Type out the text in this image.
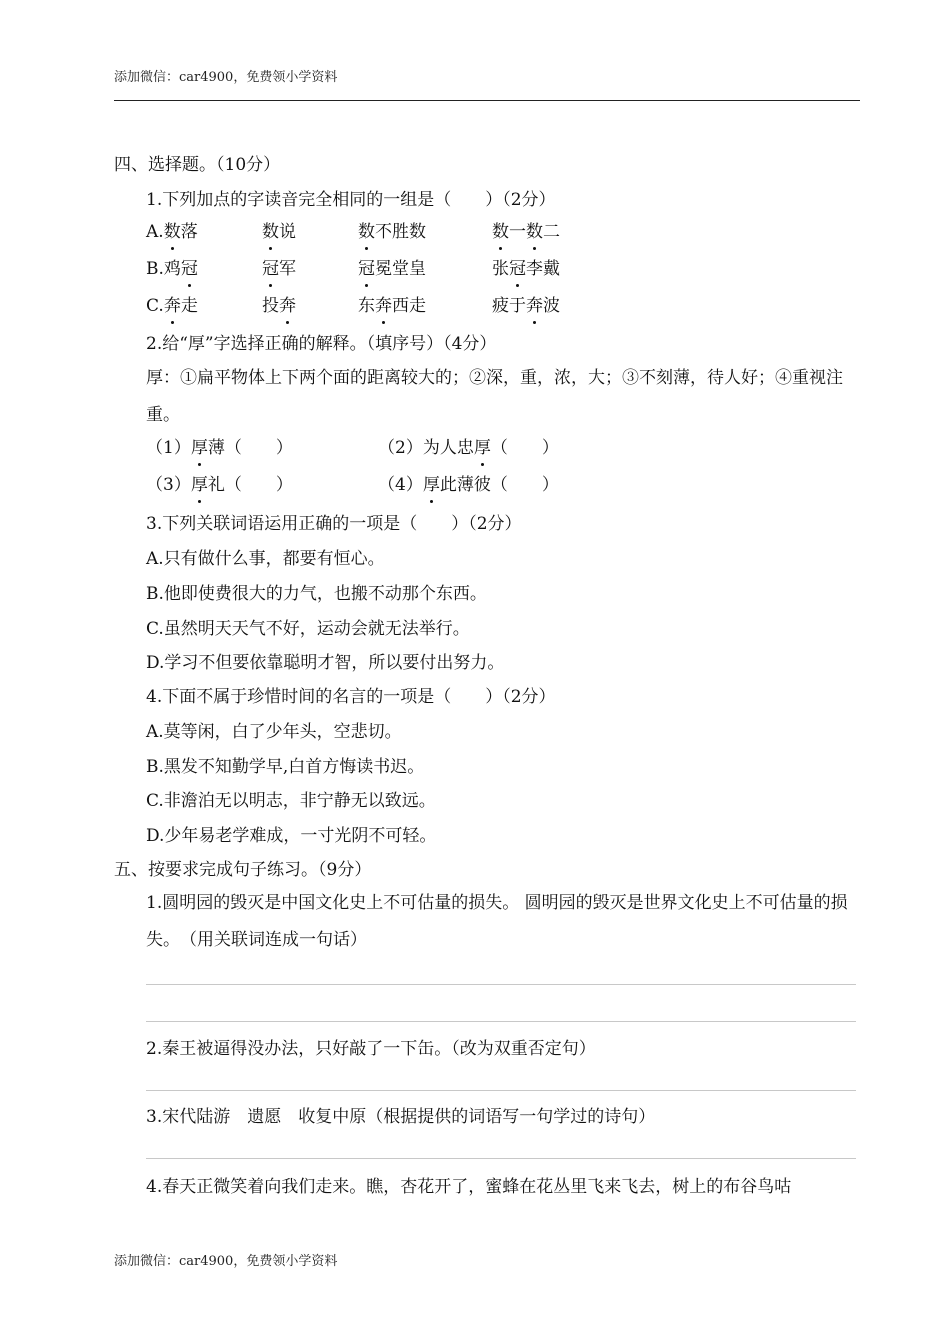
添加微信：car4900，免费领小学资料
四、选择题。（10分）
1.下列加点的字读音完全相同的一组是（　　）（2分）
A.数落	数说	数不胜数	数一数二
B.鸡冠	冠军	冠冕堂皇	张冠李戴
C.奔走	投奔	东奔西走	疲于奔波
2.给“厚”字选择正确的解释。（填序号）（4分）
厚：①扁平物体上下两个面的距离较大的；②深，重，浓，大；③不刻薄，待人好；④重视注重。
（1）厚薄（　　）	（2）为人忠厚（　　）
（3）厚礼（　　）	（4）厚此薄彼（　　）
3.下列关联词语运用正确的一项是（　　）（2分）
A.只有做什么事，都要有恒心。
B.他即使费很大的力气，也搬不动那个东西。
C.虽然明天天气不好，运动会就无法举行。
D.学习不但要依靠聪明才智，所以要付出努力。
4.下面不属于珍惜时间的名言的一项是（　　）（2分）
A.莫等闲，白了少年头，空悲切。
B.黑发不知勤学早,白首方悔读书迟。
C.非澹泊无以明志，非宁静无以致远。
D.少年易老学难成，一寸光阴不可轻。
五、按要求完成句子练习。（9分）
1.圆明园的毁灭是中国文化史上不可估量的损失。 圆明园的毁灭是世界文化史上不可估量的损失。　（用关联词连成一句话）
2.秦王被逼得没办法，只好敲了一下缶。（改为双重否定句）
3.宋代陆游　遗愿　收复中原（根据提供的词语写一句学过的诗句）
4.春天正微笑着向我们走来。瞧，杏花开了，蜜蜂在花丛里飞来飞去，树上的布谷鸟咕
添加微信：car4900，免费领小学资料
